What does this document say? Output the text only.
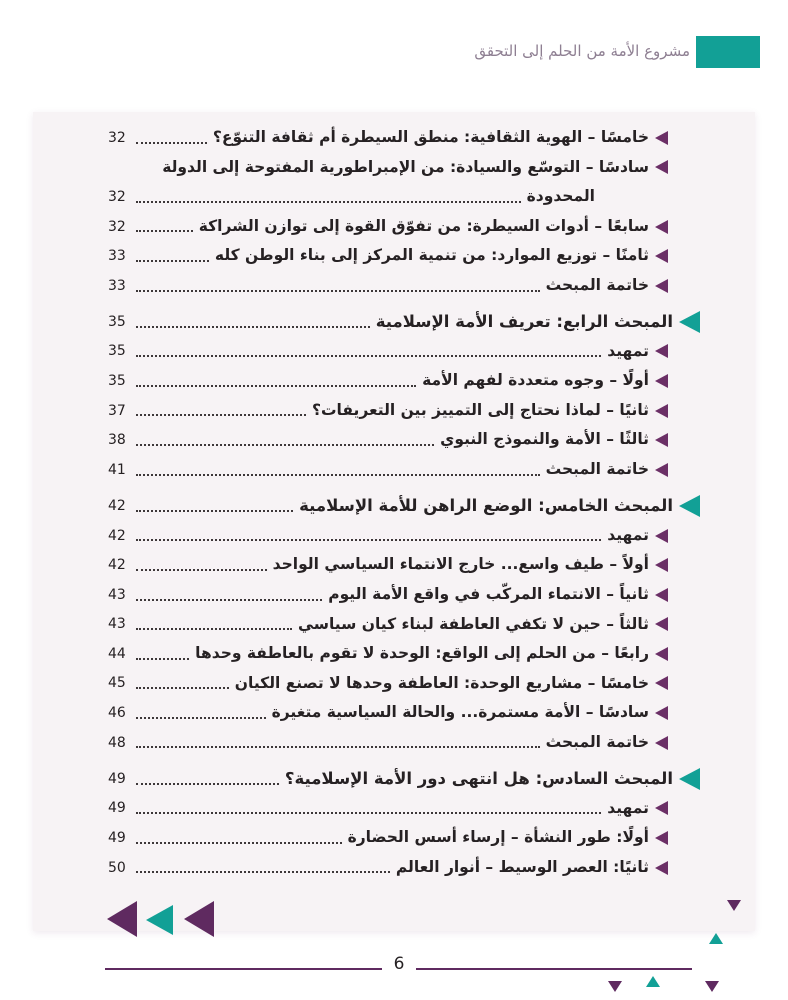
مشروع الأمة من الحلم إلى التحقق
خامسًا – الهوية الثقافية: منطق السيطرة أم ثقافة التنوّع؟
32
سادسًا – التوسّع والسيادة: من الإمبراطورية المفتوحة إلى الدولة
المحدودة
32
سابعًا – أدوات السيطرة: من تفوّق القوة إلى توازن الشراكة
32
ثامنًا – توزيع الموارد: من تنمية المركز إلى بناء الوطن كله
33
خاتمة المبحث
33
المبحث الرابع: تعريف الأمة الإسلامية
35
تمهيد
35
أولًا – وجوه متعددة لفهم الأمة
35
ثانيًا – لماذا نحتاج إلى التمييز بين التعريفات؟
37
ثالثًا – الأمة والنموذج النبوي
38
خاتمة المبحث
41
المبحث الخامس: الوضع الراهن للأمة الإسلامية
42
تمهيد
42
أولاً – طيف واسع... خارج الانتماء السياسي الواحد
42
ثانياً – الانتماء المركّب في واقع الأمة اليوم
43
ثالثاً – حين لا تكفي العاطفة لبناء كيان سياسي
43
رابعًا – من الحلم إلى الواقع: الوحدة لا تقوم بالعاطفة وحدها
44
خامسًا – مشاريع الوحدة: العاطفة وحدها لا تصنع الكيان
45
سادسًا – الأمة مستمرة... والحالة السياسية متغيرة
46
خاتمة المبحث
48
المبحث السادس: هل انتهى دور الأمة الإسلامية؟
49
تمهيد
49
أولًا: طور النشأة – إرساء أسس الحضارة
49
ثانيًا: العصر الوسيط – أنوار العالم
50
6
